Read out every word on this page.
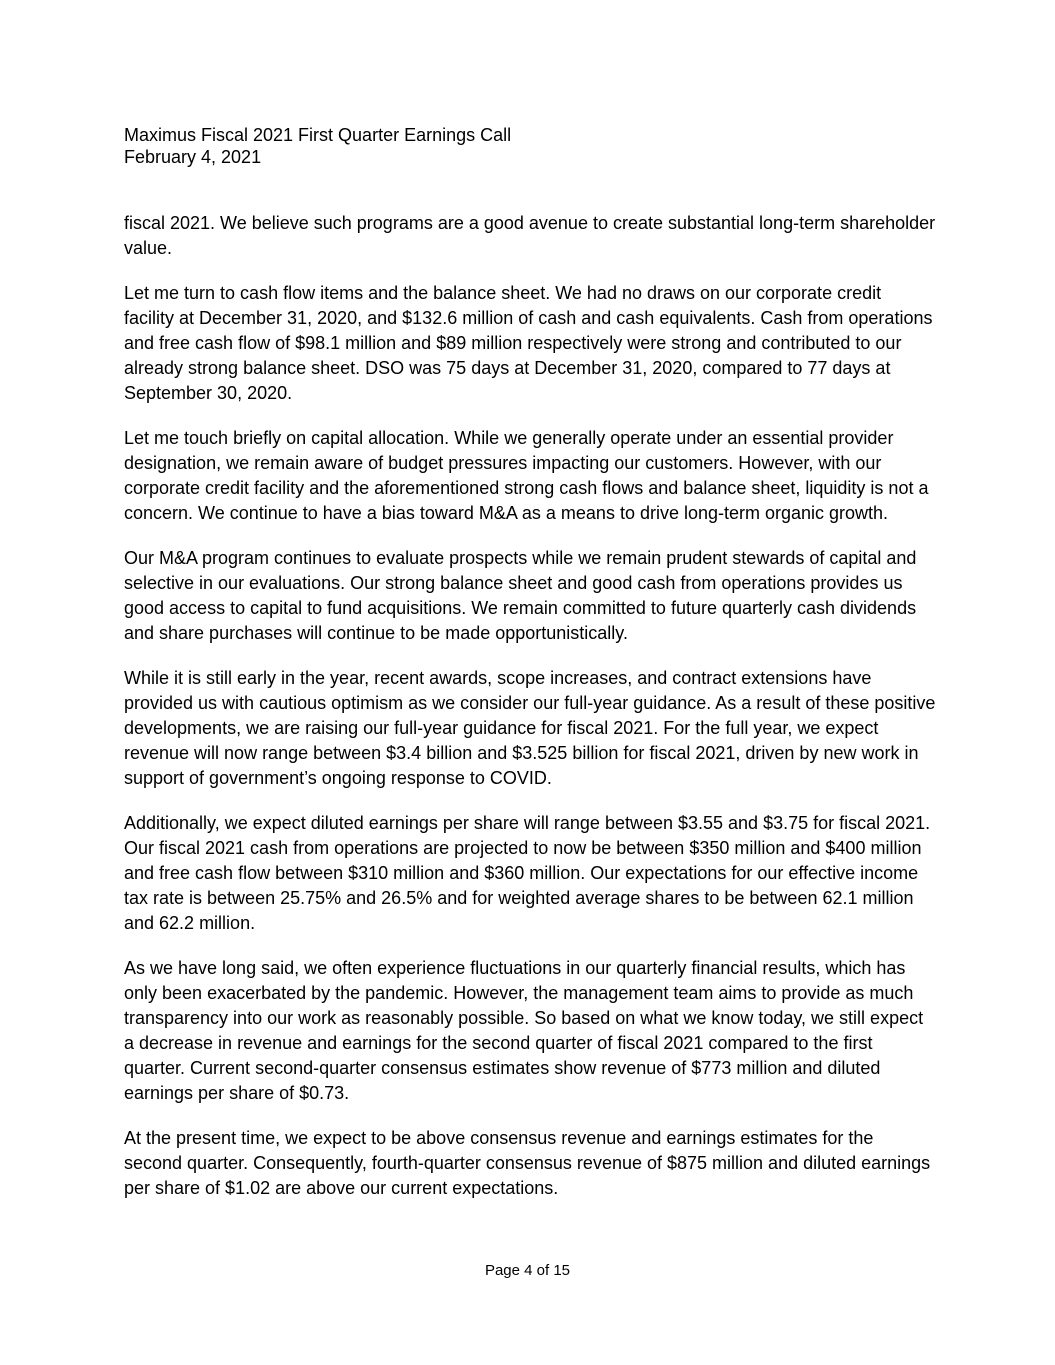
Maximus Fiscal 2021 First Quarter Earnings Call
February 4, 2021

fiscal 2021. We believe such programs are a good avenue to create substantial long-term shareholder value.

Let me turn to cash flow items and the balance sheet. We had no draws on our corporate credit facility at December 31, 2020, and $132.6 million of cash and cash equivalents. Cash from operations and free cash flow of $98.1 million and $89 million respectively were strong and contributed to our already strong balance sheet. DSO was 75 days at December 31, 2020, compared to 77 days at September 30, 2020.

Let me touch briefly on capital allocation. While we generally operate under an essential provider designation, we remain aware of budget pressures impacting our customers. However, with our corporate credit facility and the aforementioned strong cash flows and balance sheet, liquidity is not a concern. We continue to have a bias toward M&A as a means to drive long-term organic growth.

Our M&A program continues to evaluate prospects while we remain prudent stewards of capital and selective in our evaluations. Our strong balance sheet and good cash from operations provides us good access to capital to fund acquisitions. We remain committed to future quarterly cash dividends and share purchases will continue to be made opportunistically.

While it is still early in the year, recent awards, scope increases, and contract extensions have provided us with cautious optimism as we consider our full-year guidance. As a result of these positive developments, we are raising our full-year guidance for fiscal 2021. For the full year, we expect revenue will now range between $3.4 billion and $3.525 billion for fiscal 2021, driven by new work in support of government’s ongoing response to COVID.

Additionally, we expect diluted earnings per share will range between $3.55 and $3.75 for fiscal 2021. Our fiscal 2021 cash from operations are projected to now be between $350 million and $400 million and free cash flow between $310 million and $360 million. Our expectations for our effective income tax rate is between 25.75% and 26.5% and for weighted average shares to be between 62.1 million and 62.2 million.

As we have long said, we often experience fluctuations in our quarterly financial results, which has only been exacerbated by the pandemic. However, the management team aims to provide as much transparency into our work as reasonably possible. So based on what we know today, we still expect a decrease in revenue and earnings for the second quarter of fiscal 2021 compared to the first quarter. Current second-quarter consensus estimates show revenue of $773 million and diluted earnings per share of $0.73.

At the present time, we expect to be above consensus revenue and earnings estimates for the second quarter. Consequently, fourth-quarter consensus revenue of $875 million and diluted earnings per share of $1.02 are above our current expectations.

Page 4 of 15
